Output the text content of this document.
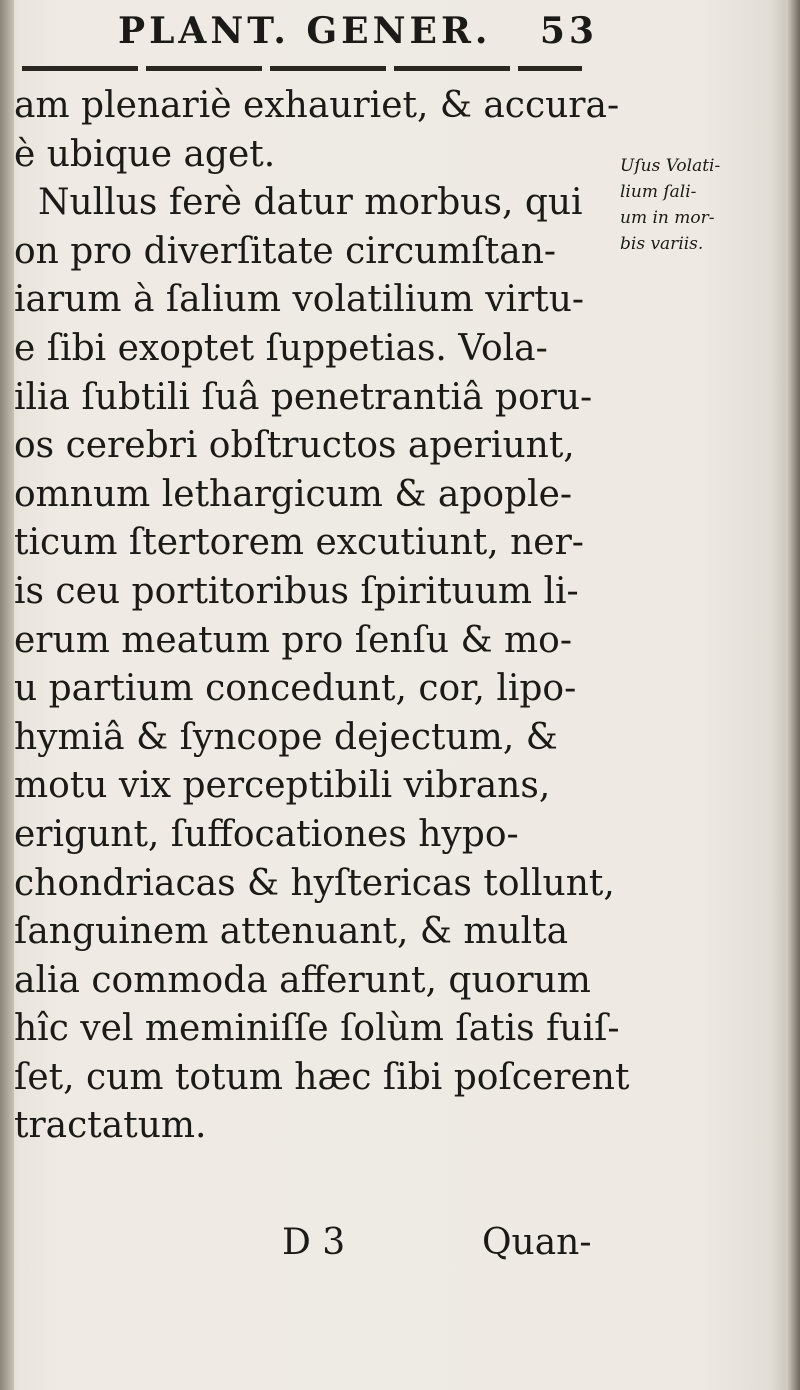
PLANT. GENER. 53
am plenariè exhauriet, & accura-
è ubique aget.
Nullus ferè datur morbus, qui
on pro diverſitate circumſtan-
iarum à ſalium volatilium virtu-
e ſibi exoptet ſuppetias. Vola-
ilia ſubtili ſuâ penetrantiâ poru-
os cerebri obſtructos aperiunt,
omnum lethargicum & apople-
ticum ſtertorem excutiunt, ner-
is ceu portitoribus ſpirituum li-
erum meatum pro ſenſu & mo-
u partium concedunt, cor, lipo-
hymiâ & ſyncope dejectum, &
motu vix perceptibili vibrans,
erigunt, ſuffocationes hypo-
chondriacas & hyſtericas tollunt,
ſanguinem attenuant, & multa
alia commoda afferunt, quorum
hîc vel meminiſſe ſolùm ſatis fuiſ-
ſet, cum totum hæc ſibi poſcerent
tractatum.
Uſus Volati-
lium ſali-
um in mor-
bis variis.
D 3	Quan-
